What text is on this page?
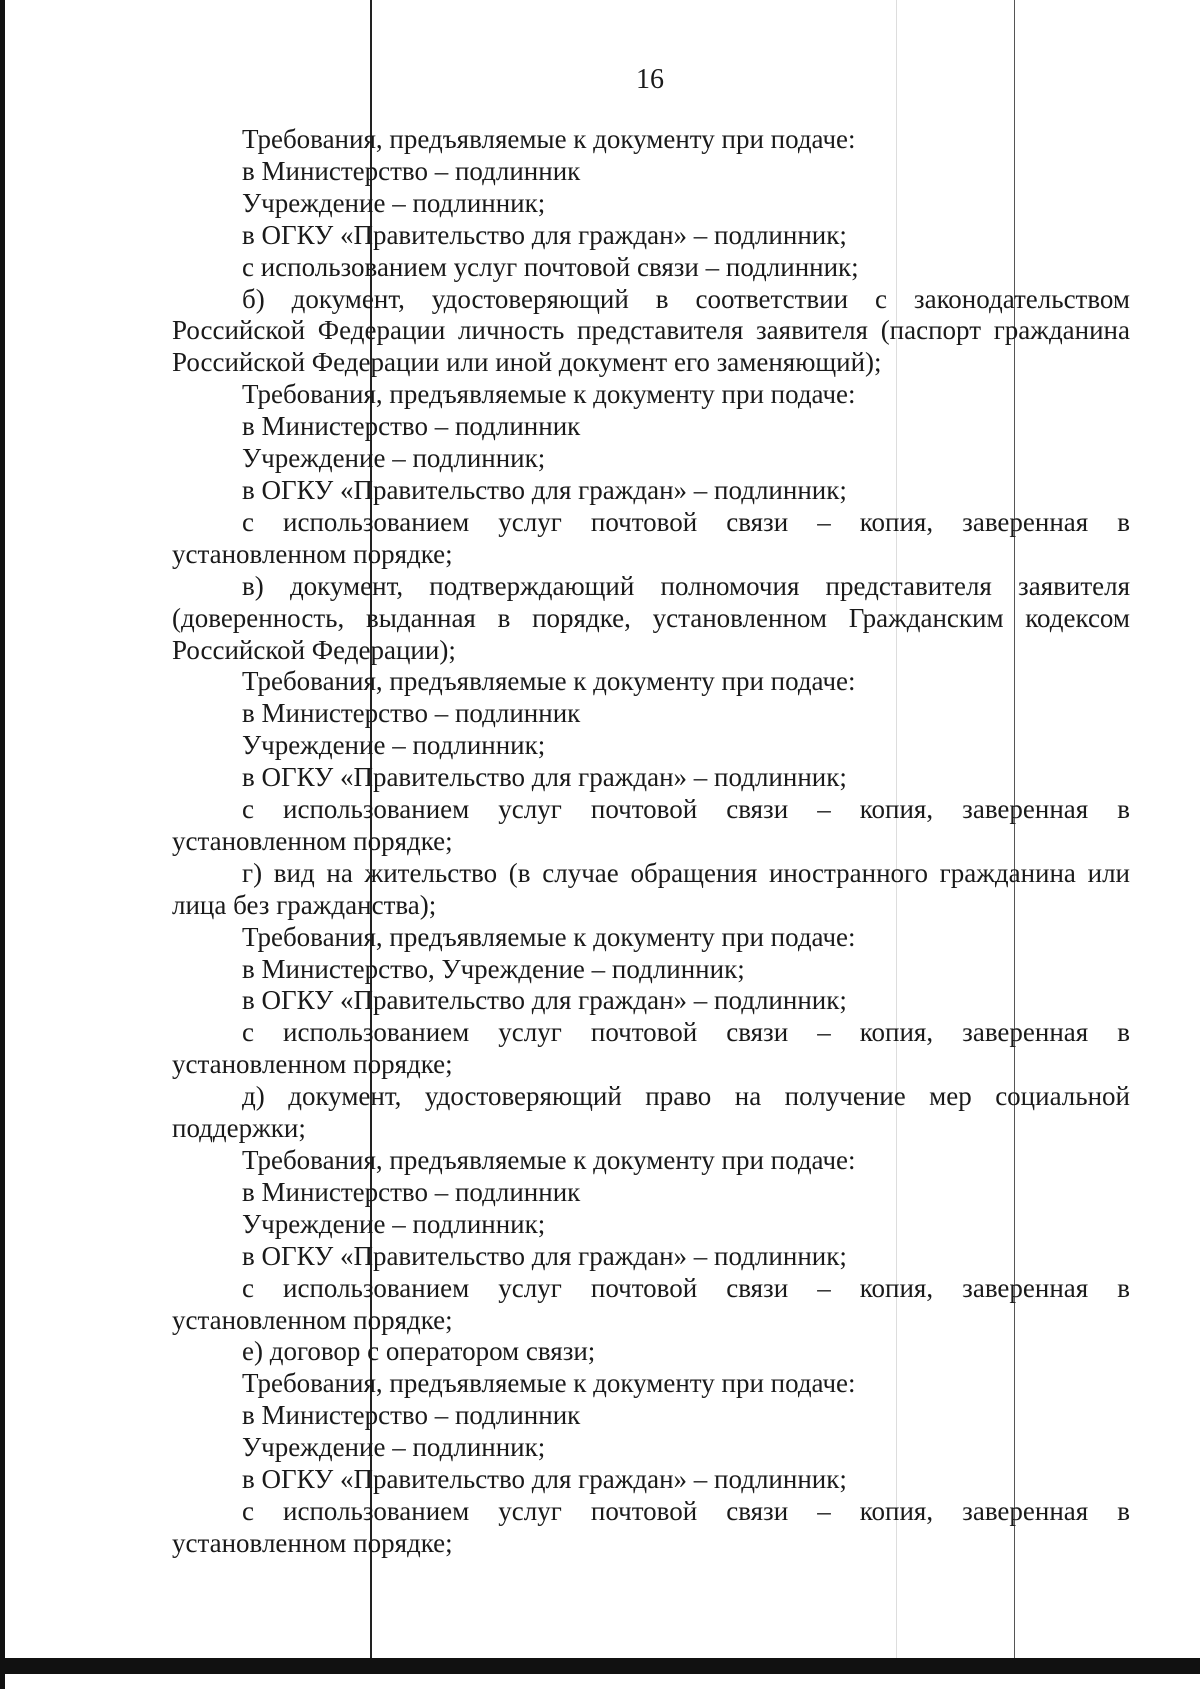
16

Требования, предъявляемые к документу при подаче:

в Министерство – подлинник

Учреждение – подлинник;

в ОГКУ «Правительство для граждан» – подлинник;

с использованием услуг почтовой связи – подлинник;

б) документ, удостоверяющий в соответствии с законодательством Российской Федерации личность представителя заявителя (паспорт гражданина Российской Федерации или иной документ его заменяющий);

Требования, предъявляемые к документу при подаче:

в Министерство – подлинник

Учреждение – подлинник;

в ОГКУ «Правительство для граждан» – подлинник;

с использованием услуг почтовой связи – копия, заверенная в установленном порядке;

в) документ, подтверждающий полномочия представителя заявителя (доверенность, выданная в порядке, установленном Гражданским кодексом Российской Федерации);

Требования, предъявляемые к документу при подаче:

в Министерство – подлинник

Учреждение – подлинник;

в ОГКУ «Правительство для граждан» – подлинник;

с использованием услуг почтовой связи – копия, заверенная в установленном порядке;

г) вид на жительство (в случае обращения иностранного гражданина или лица без гражданства);

Требования, предъявляемые к документу при подаче:

в Министерство, Учреждение – подлинник;

в ОГКУ «Правительство для граждан» – подлинник;

с использованием услуг почтовой связи – копия, заверенная в установленном порядке;

д) документ, удостоверяющий право на получение мер социальной поддержки;

Требования, предъявляемые к документу при подаче:

в Министерство – подлинник

Учреждение – подлинник;

в ОГКУ «Правительство для граждан» – подлинник;

с использованием услуг почтовой связи – копия, заверенная в установленном порядке;

е) договор с оператором связи;

Требования, предъявляемые к документу при подаче:

в Министерство – подлинник

Учреждение – подлинник;

в ОГКУ «Правительство для граждан» – подлинник;

с использованием услуг почтовой связи – копия, заверенная в установленном порядке;
